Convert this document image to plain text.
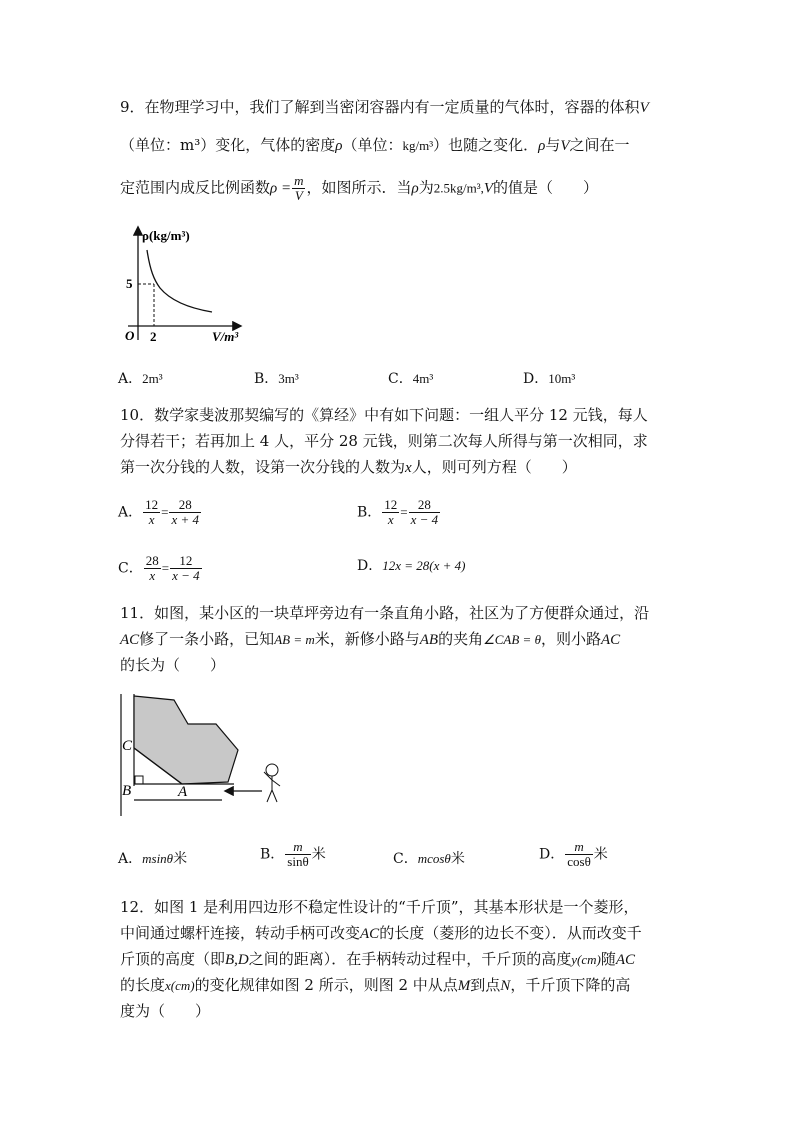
9．在物理学习中，我们了解到当密闭容器内有一定质量的气体时，容器的体积V
（单位：m³）变化，气体的密度ρ（单位：kg/m³）也随之变化．ρ与V之间在一
定范围内成反比例函数$\rho = \frac{m}{V}$ ，如图所示．当ρ为2.5kg/m³,V的值是（　　）
ρ(kg/m³)
V/m³
O
5
2
A．2m³	B．3m³	C．4m³	D．10m³
10．数学家斐波那契编写的《算经》中有如下问题：一组人平分 12 元钱，每人
分得若干；若再加上 4 人，平分 28 元钱，则第二次每人所得与第一次相同，求
第一次分钱的人数，设第一次分钱的人数为x人，则可列方程（　　）
A． $\frac{12}{x} = \frac{28}{x + 4}$	B． $\frac{12}{x} = \frac{28}{x - 4}$
C． $\frac{28}{x} = \frac{12}{x - 4}$	D．12x = 28(x + 4)
11．如图，某小区的一块草坪旁边有一条直角小路，社区为了方便群众通过，沿
AC修了一条小路，已知AB = m米，新修小路与AB的夹角∠CAB = θ，则小路AC
的长为（　　）
C
B	A
A．msinθ米	B． $\frac{m}{\sin\theta}$ 米	C．mcosθ米	D． $\frac{m}{\cos\theta}$ 米
12．如图 1 是利用四边形不稳定性设计的“千斤顶”，其基本形状是一个菱形，
中间通过螺杆连接，转动手柄可改变AC的长度（菱形的边长不变）．从而改变千
斤顶的高度（即B,D之间的距离）．在手柄转动过程中，千斤顶的高度y(cm)随AC
的长度x(cm)的变化规律如图 2 所示，则图 2 中从点M到点N，千斤顶下降的高
度为（　　）
